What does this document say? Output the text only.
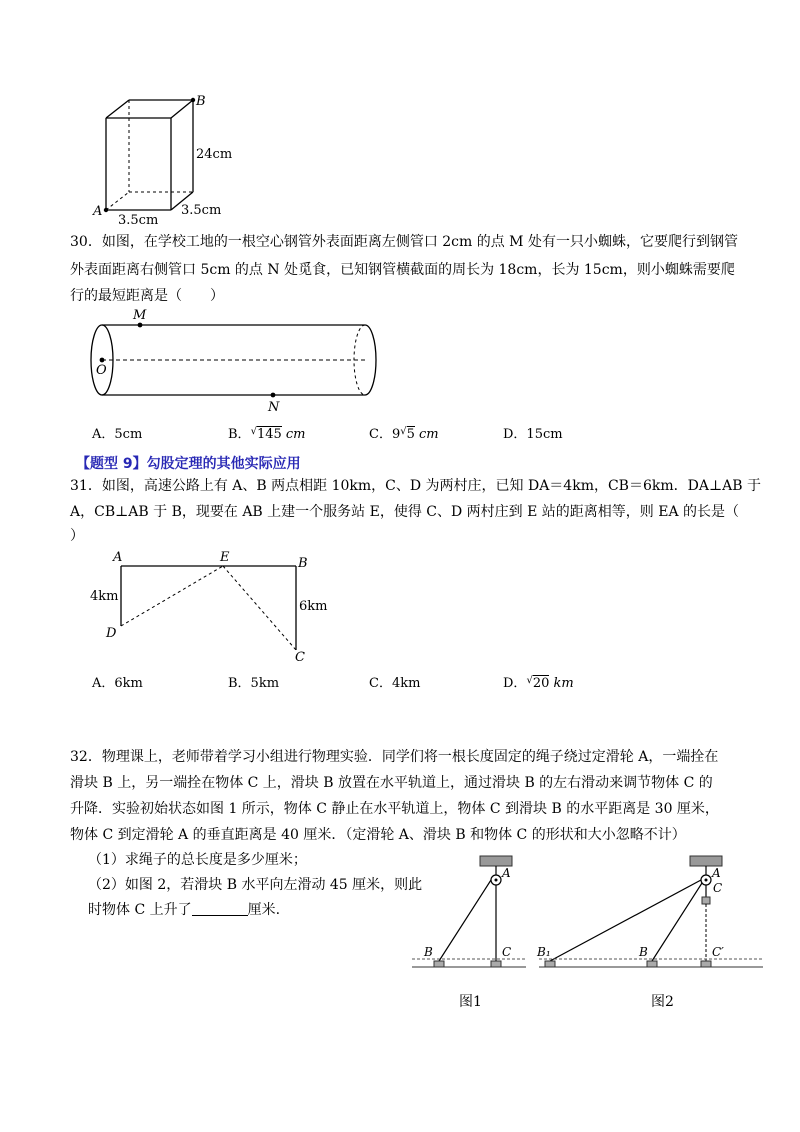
A
B
24cm
3.5cm
3.5cm
30．如图，在学校工地的一根空心钢管外表面距离左侧管口 2cm 的点 M 处有一只小蜘蛛，它要爬行到钢管
外表面距离右侧管口 5cm 的点 N 处觅食，已知钢管横截面的周长为 18cm，长为 15cm，则小蜘蛛需要爬
行的最短距离是（　　）
M
O
N
A．5cm	B．√145 cm	C．9√5 cm	D．15cm
【题型 9】勾股定理的其他实际应用
31．如图，高速公路上有 A、B 两点相距 10km，C、D 为两村庄，已知 DA＝4km，CB＝6km．DA⊥AB 于
A，CB⊥AB 于 B，现要在 AB 上建一个服务站 E，使得 C、D 两村庄到 E 站的距离相等，则 EA 的长是（
）
A	E	B
D
C
4km
6km
A．6km	B．5km	C．4km	D．√20 km
32．物理课上，老师带着学习小组进行物理实验．同学们将一根长度固定的绳子绕过定滑轮 A，一端拴在
滑块 B 上，另一端拴在物体 C 上，滑块 B 放置在水平轨道上，通过滑块 B 的左右滑动来调节物体 C 的
升降．实验初始状态如图 1 所示，物体 C 静止在水平轨道上，物体 C 到滑块 B 的水平距离是 30 厘米，
物体 C 到定滑轮 A 的垂直距离是 40 厘米．（定滑轮 A、滑块 B 和物体 C 的形状和大小忽略不计）
（1）求绳子的总长度是多少厘米；
（2）如图 2，若滑块 B 水平向左滑动 45 厘米，则此
时物体 C 上升了	厘米.
A
B	C
图1
A
C
B₁	B	C′
图2
